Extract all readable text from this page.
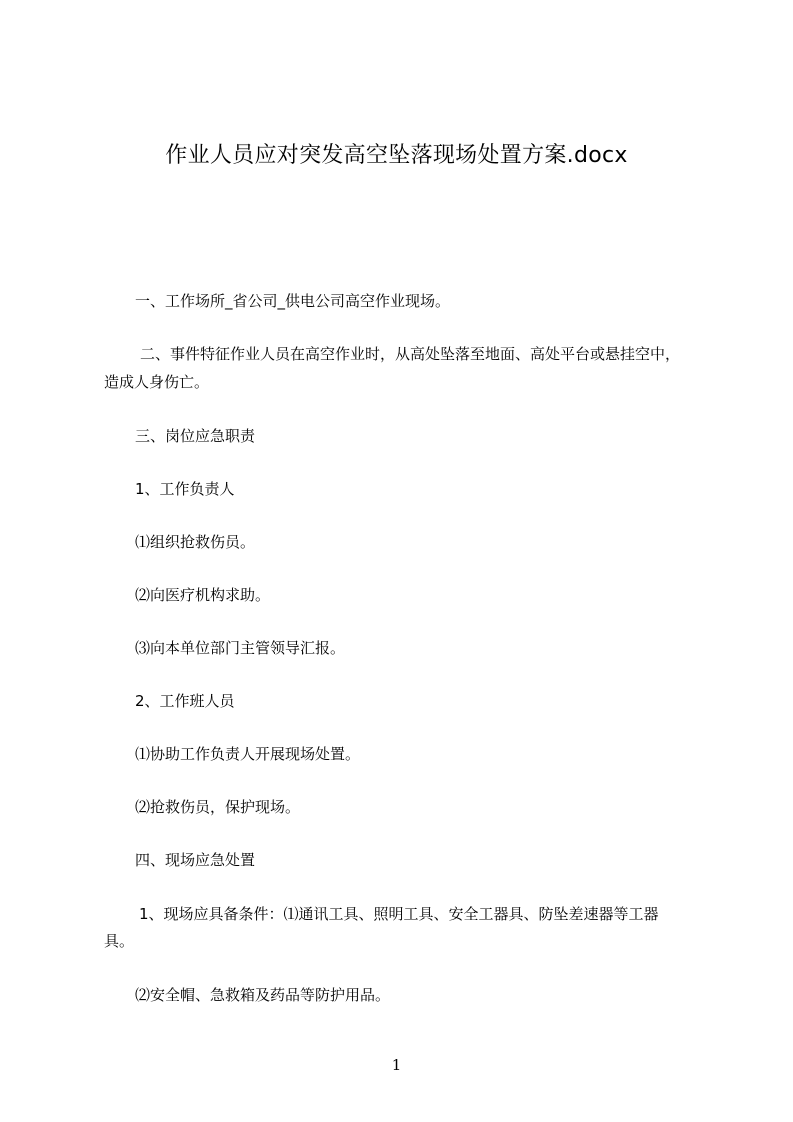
作业人员应对突发高空坠落现场处置方案.docx
一、工作场所_省公司_供电公司高空作业现场。
二、事件特征作业人员在高空作业时，从高处坠落至地面、高处平台或悬挂空中，
造成人身伤亡。
三、岗位应急职责
1、工作负责人
⑴组织抢救伤员。
⑵向医疗机构求助。
⑶向本单位部门主管领导汇报。
2、工作班人员
⑴协助工作负责人开展现场处置。
⑵抢救伤员，保护现场。
四、现场应急处置
1、现场应具备条件：⑴通讯工具、照明工具、安全工器具、防坠差速器等工器
具。
⑵安全帽、急救箱及药品等防护用品。
1
